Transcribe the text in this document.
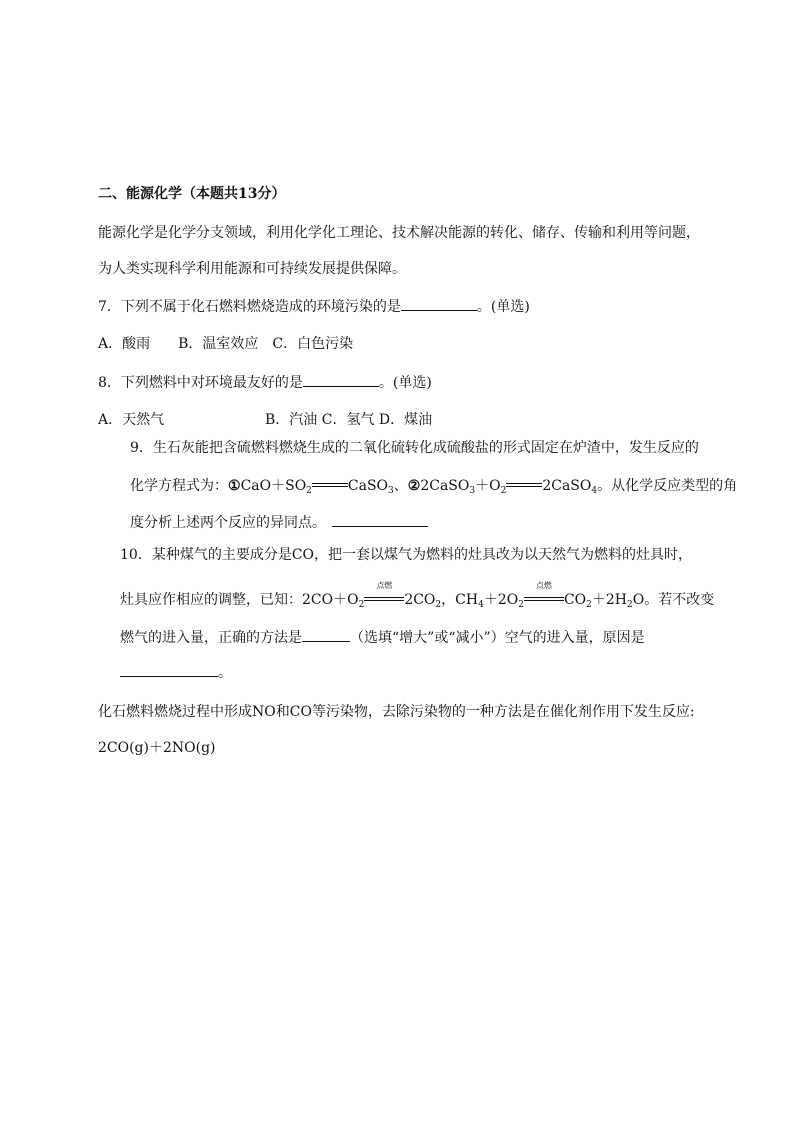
二、能源化学（本题共13分）
能源化学是化学分支领域，利用化学化工理论、技术解决能源的转化、储存、传输和利用等问题，
为人类实现科学利用能源和可持续发展提供保障。
7．下列不属于化石燃料燃烧造成的环境污染的是	。(单选)
A．酸雨　　B．温室效应　C．白色污染
8．下列燃料中对环境最友好的是	。(单选)
A．天然气	B．汽油 C．氢气 D．煤油
9．生石灰能把含硫燃料燃烧生成的二氧化硫转化成硫酸盐的形式固定在炉渣中，发生反应的
化学方程式为：$①CaO+SO_2$	CaSO$_3$、$②2CaSO_3+O_2$	2CaSO$_4$。从化学反应类型的角
度分析上述两个反应的异同点。
10．某种煤气的主要成分是CO，把一套以煤气为燃料的灶具改为以天然气为燃料的灶具时，
灶具应作相应的调整，已知：$2CO+O_2$
点燃
$2CO_2$，$CH_4+2O_2$
点燃
$CO_2+2H_2O$。若不改变
燃气的进入量，正确的方法是	（选填“增大”或“减小”）空气的进入量，原因是
。
化石燃料燃烧过程中形成NO和CO等污染物，去除污染物的一种方法是在催化剂作用下发生反应:
2CO(g)＋2NO(g)
